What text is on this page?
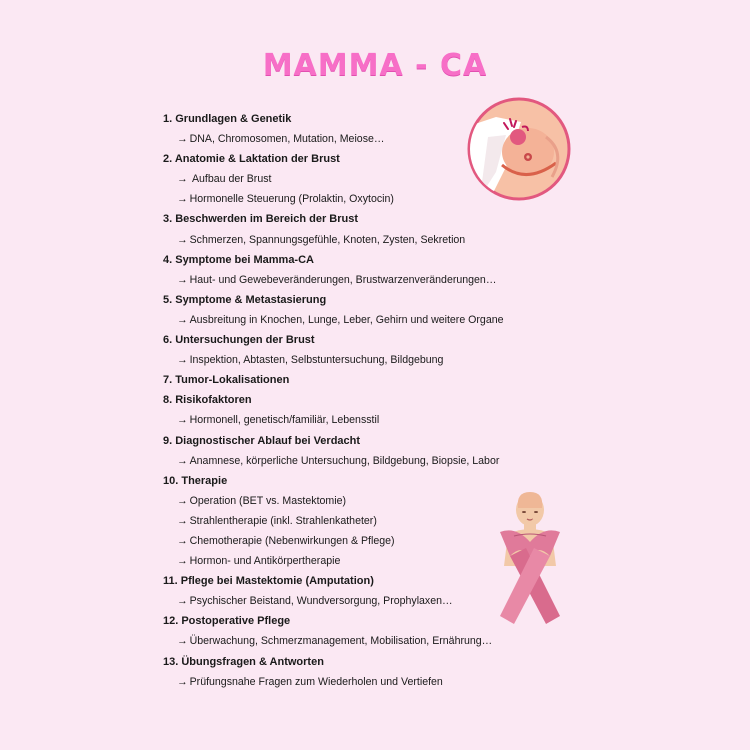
MAMMA - CA
1. Grundlagen & Genetik
→ DNA, Chromosomen, Mutation, Meiose…
2. Anatomie & Laktation der Brust
→ Aufbau der Brust
→ Hormonelle Steuerung (Prolaktin, Oxytocin)
3. Beschwerden im Bereich der Brust
→ Schmerzen, Spannungsgefühle, Knoten, Zysten, Sekretion
4. Symptome bei Mamma-CA
→ Haut- und Gewebeveränderungen, Brustwarzenveränderungen…
5. Symptome & Metastasierung
→ Ausbreitung in Knochen, Lunge, Leber, Gehirn und weitere Organe
6. Untersuchungen der Brust
→ Inspektion, Abtasten, Selbstuntersuchung, Bildgebung
7. Tumor-Lokalisationen
8. Risikofaktoren
→ Hormonell, genetisch/familiär, Lebensstil
9. Diagnostischer Ablauf bei Verdacht
→ Anamnese, körperliche Untersuchung, Bildgebung, Biopsie, Labor
10. Therapie
→ Operation (BET vs. Mastektomie)
→ Strahlentherapie (inkl. Strahlenkatheter)
→ Chemotherapie (Nebenwirkungen & Pflege)
→ Hormon- und Antikörpertherapie
11. Pflege bei Mastektomie (Amputation)
→ Psychischer Beistand, Wundversorgung, Prophylaxen…
12. Postoperative Pflege
→ Überwachung, Schmerzmanagement, Mobilisation, Ernährung…
13. Übungsfragen & Antworten
→ Prüfungsnahe Fragen zum Wiederholen und Vertiefen
